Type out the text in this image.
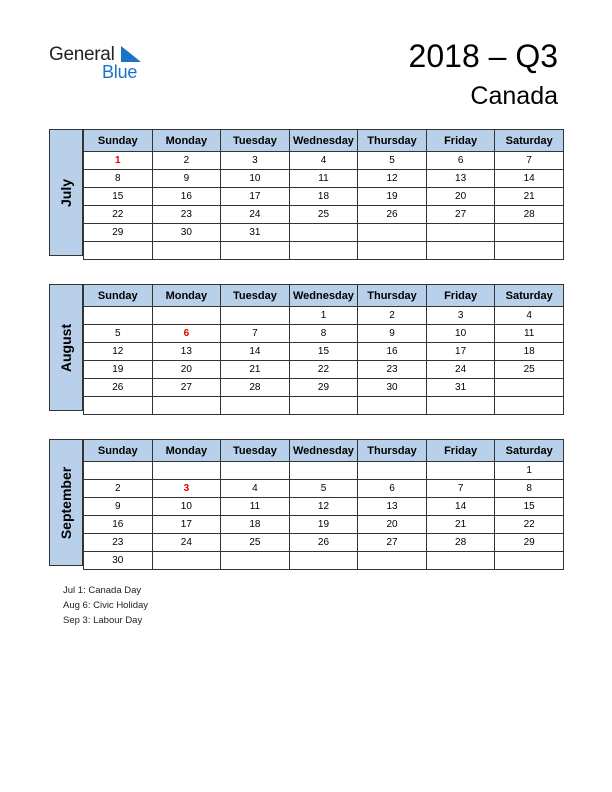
General
Blue	2018 – Q3
Canada
July
Sunday	Monday	Tuesday	Wednesday	Thursday	Friday	Saturday
1	2	3	4	5	6	7
8	9	10	11	12	13	14
15	16	17	18	19	20	21
22	23	24	25	26	27	28
29	30	31				

August
Sunday	Monday	Tuesday	Wednesday	Thursday	Friday	Saturday
			1	2	3	4
5	6	7	8	9	10	11
12	13	14	15	16	17	18
19	20	21	22	23	24	25
26	27	28	29	30	31	

September
Sunday	Monday	Tuesday	Wednesday	Thursday	Friday	Saturday
						1
2	3	4	5	6	7	8
9	10	11	12	13	14	15
16	17	18	19	20	21	22
23	24	25	26	27	28	29
30						
Jul 1: Canada Day
Aug 6: Civic Holiday
Sep 3: Labour Day
